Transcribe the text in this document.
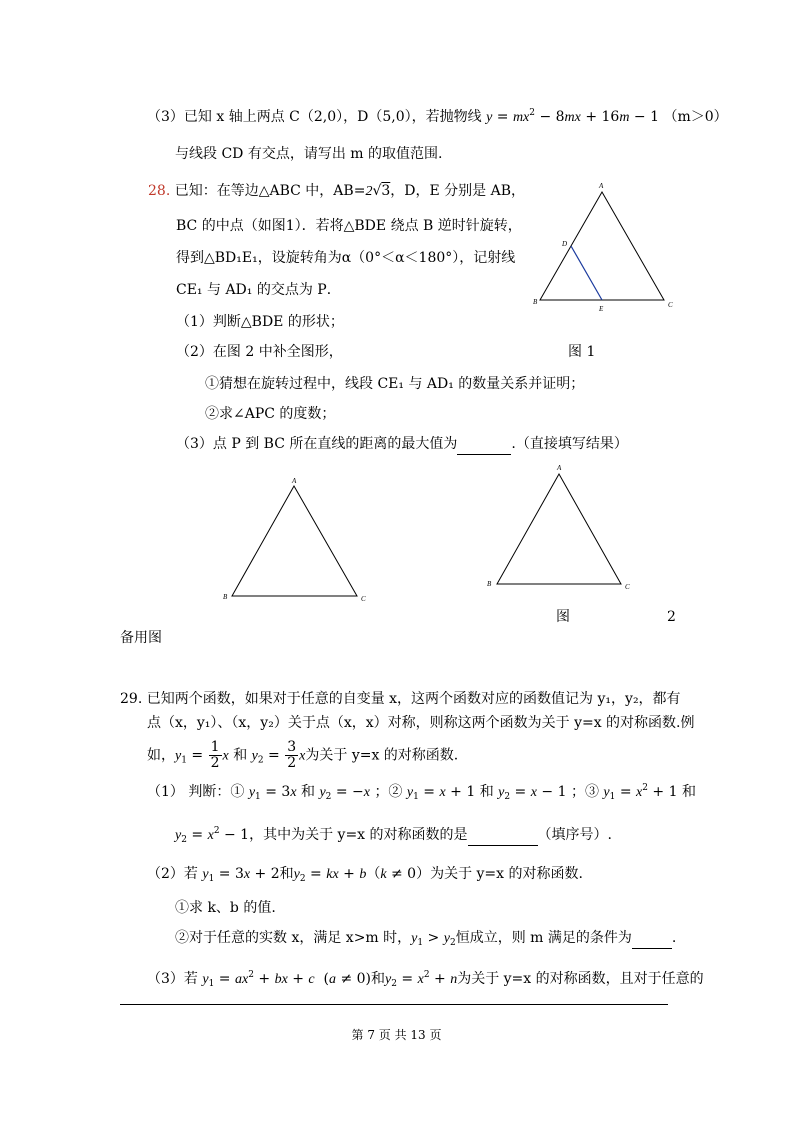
（3）已知 x 轴上两点 C（2,0），D（5,0），若抛物线 $y = mx^2 - 8mx + 16m - 1$ （m＞0）
与线段 CD 有交点，请写出 m 的取值范围.
28. 已知：在等边△ABC 中，AB=2√3，D，E 分别是 AB，
BC 的中点（如图1）．若将△BDE 绕点 B 逆时针旋转，
得到△BD₁E₁，设旋转角为α（0°＜α＜180°），记射线
CE₁ 与 AD₁ 的交点为 P．
（1）判断△BDE 的形状；
（2）在图 2 中补全图形，	图 1
①猜想在旋转过程中，线段 CE₁ 与 AD₁ 的数量关系并证明；
②求∠APC 的度数；
（3）点 P 到 BC 所在直线的距离的最大值为	.（直接填写结果）
A
B	C
D
E
A
B	C
A
B	C
图	2
备用图
29. 已知两个函数，如果对于任意的自变量 x，这两个函数对应的函数值记为 y₁，y₂，都有
点（x，y₁）、（x，y₂）关于点（x，x）对称，则称这两个函数为关于 y=x 的对称函数.例
如，$y_1 = \frac{1}{2}$ x 和 $y_2 = \frac{3}{2}$ x为关于 y=x 的对称函数.
（1） 判断：① $y_1 = 3x$ 和 $y_2 = -x$ ；② $y_1 = x + 1$ 和 $y_2 = x - 1$ ；③ $y_1 = x^2 + 1$ 和
$y_2 = x^2 - 1$，其中为关于 y=x 的对称函数的是	（填序号）.
（2）若 $y_1 = 3x + 2$和$y_2$ = kx + b（k ≠ 0）为关于 y=x 的对称函数.
①求 k、b 的值.
②对于任意的实数 x，满足 x>m 时，$y_1 > y_2$恒成立，则 m 满足的条件为	.
（3）若 $y_1 = ax^2$ + bx + c  (a ≠ 0)和$y_2 = x^2 + n$为关于 y=x 的对称函数，且对于任意的
第 7 页 共 13 页
